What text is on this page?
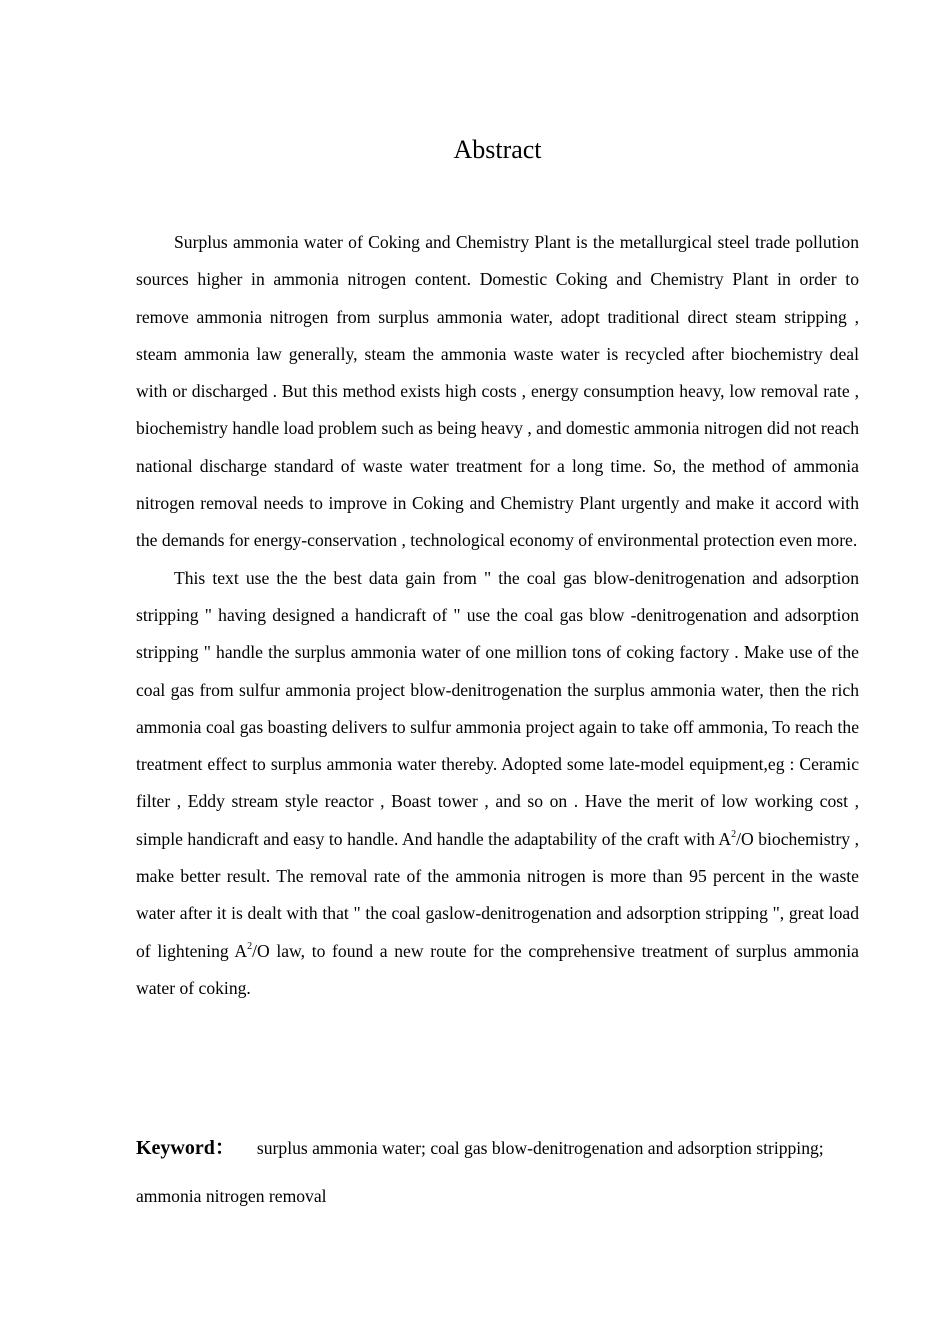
Abstract

Surplus ammonia water of Coking and Chemistry Plant is the metallurgical steel trade pollution sources higher in ammonia nitrogen content. Domestic Coking and Chemistry Plant in order to remove ammonia nitrogen from surplus ammonia water, adopt traditional direct steam stripping , steam ammonia law generally, steam the ammonia waste water is recycled after biochemistry deal with or discharged . But this method exists high costs , energy consumption heavy, low removal rate , biochemistry handle load problem such as being heavy , and domestic ammonia nitrogen did not reach national discharge standard of waste water treatment for a long time. So, the method of ammonia nitrogen removal needs to improve in Coking and Chemistry Plant urgently and make it accord with the demands for energy-conservation , technological economy of environmental protection even more.

This text use the the best data gain from " the coal gas blow-denitrogenation and adsorption stripping " having designed a handicraft of " use the coal gas blow -denitrogenation and adsorption stripping " handle the surplus ammonia water of one million tons of coking factory . Make use of the coal gas from sulfur ammonia project blow-denitrogenation the surplus ammonia water, then the rich ammonia coal gas boasting delivers to sulfur ammonia project again to take off ammonia, To reach the treatment effect to surplus ammonia water thereby. Adopted some late-model equipment,eg : Ceramic filter , Eddy stream style reactor , Boast tower , and so on . Have the merit of low working cost , simple handicraft and easy to handle. And handle the adaptability of the craft with $A^2/O$ biochemistry , make better result. The removal rate of the ammonia nitrogen is more than 95 percent in the waste water after it is dealt with that " the coal gaslow-denitrogenation and adsorption stripping ", great load of lightening $A^2/O$ law, to found a new route for the comprehensive treatment of surplus ammonia water of coking.

Keyword： surplus ammonia water; coal gas blow-denitrogenation and adsorption stripping; ammonia nitrogen removal
